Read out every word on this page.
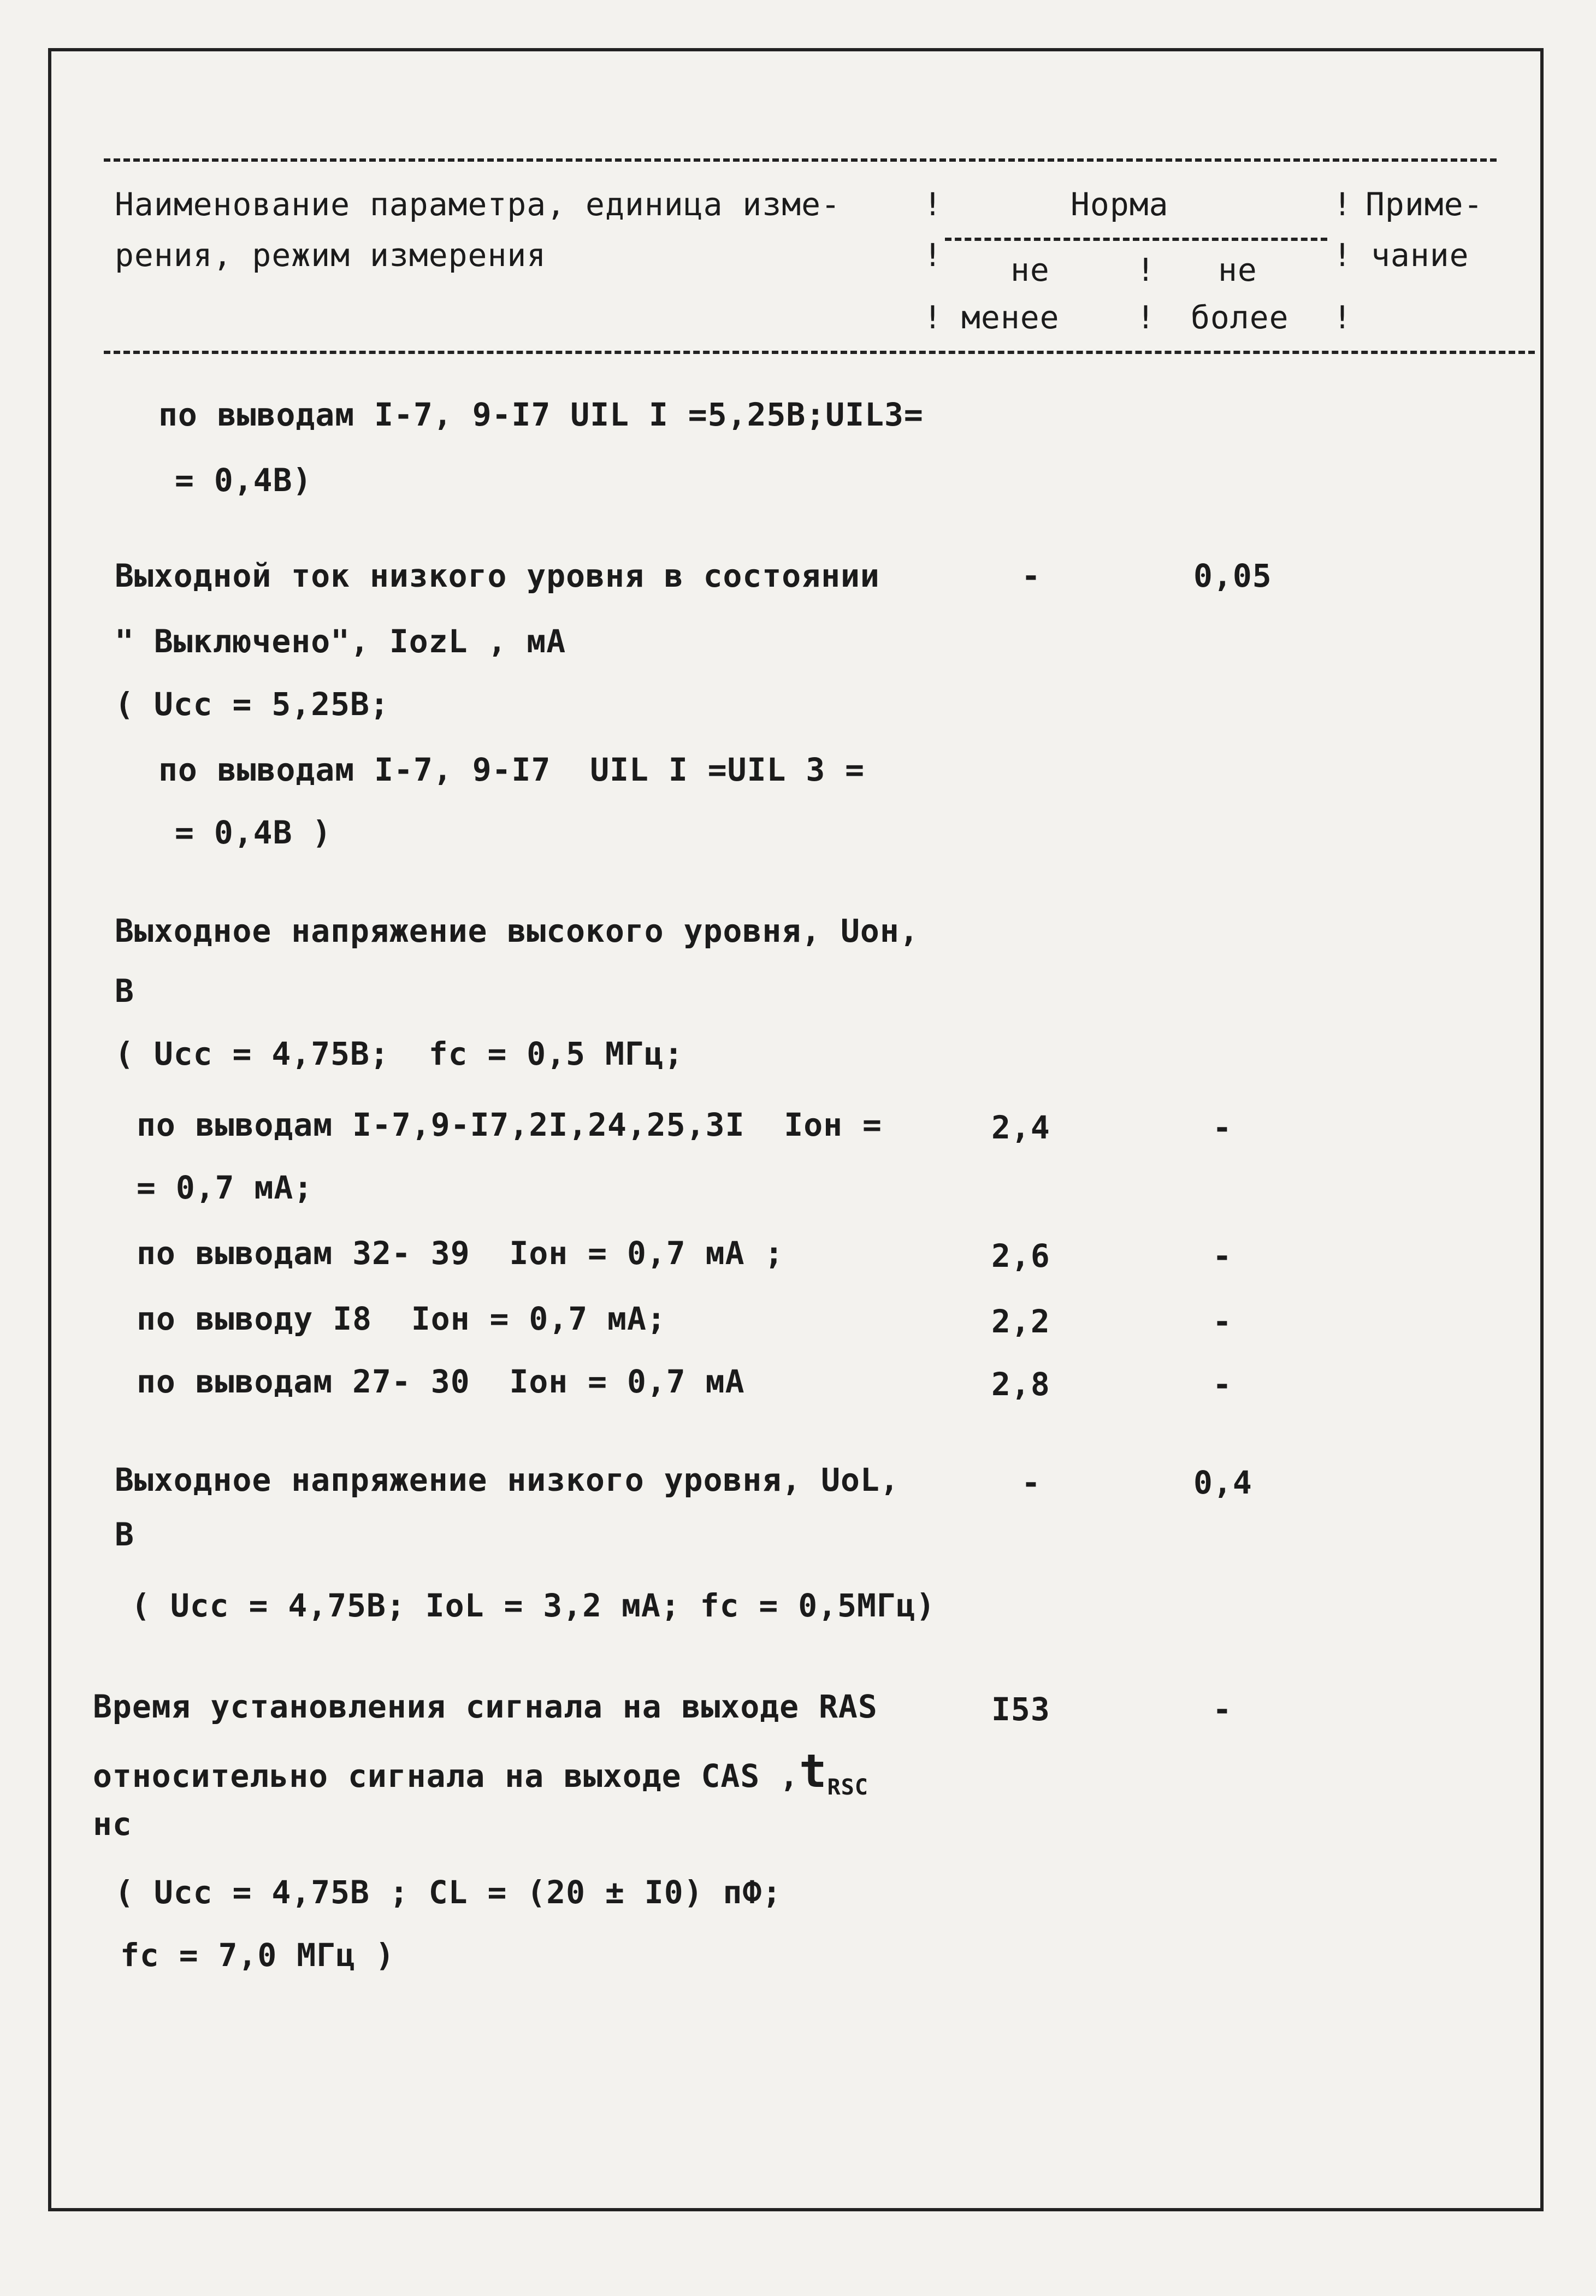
Наименование параметра, единица изме-
рения, режим измерения
!	Норма	! Приме-
! не	! не ! чание
! менее ! более !
по выводам I-7, 9-I7 UIL I =5,25В;UIL3=
= 0,4В)
Выходной ток низкого уровня в состоянии	-	0,05
" Выключено", IozL , мА
( Ucc = 5,25В;
по выводам I-7, 9-I7  UIL I =UIL 3 =
= 0,4В )
Выходное напряжение высокого уровня, Uон,
В
( Ucc = 4,75В;  fc = 0,5 МГц;
по выводам I-7,9-I7,2I,24,25,3I  Iон =	2,4	-
= 0,7 мА;
по выводам 32- 39  Iон = 0,7 мА ;	2,6	-
по выводу I8  Iон = 0,7 мА;	2,2	-
по выводам 27- 30  Iон = 0,7 мА	2,8	-
Выходное напряжение низкого уровня, UoL,	-	0,4
В
( Ucc = 4,75В; IoL = 3,2 мА; fc = 0,5МГц)
Время установления сигнала на выходе RAS	I53	-
относительно сигнала на выходе CAS $,t_{RSC}$
нс
( Ucc = 4,75В ; CL = (20 ± I0) пФ;
fc = 7,0 МГц )
